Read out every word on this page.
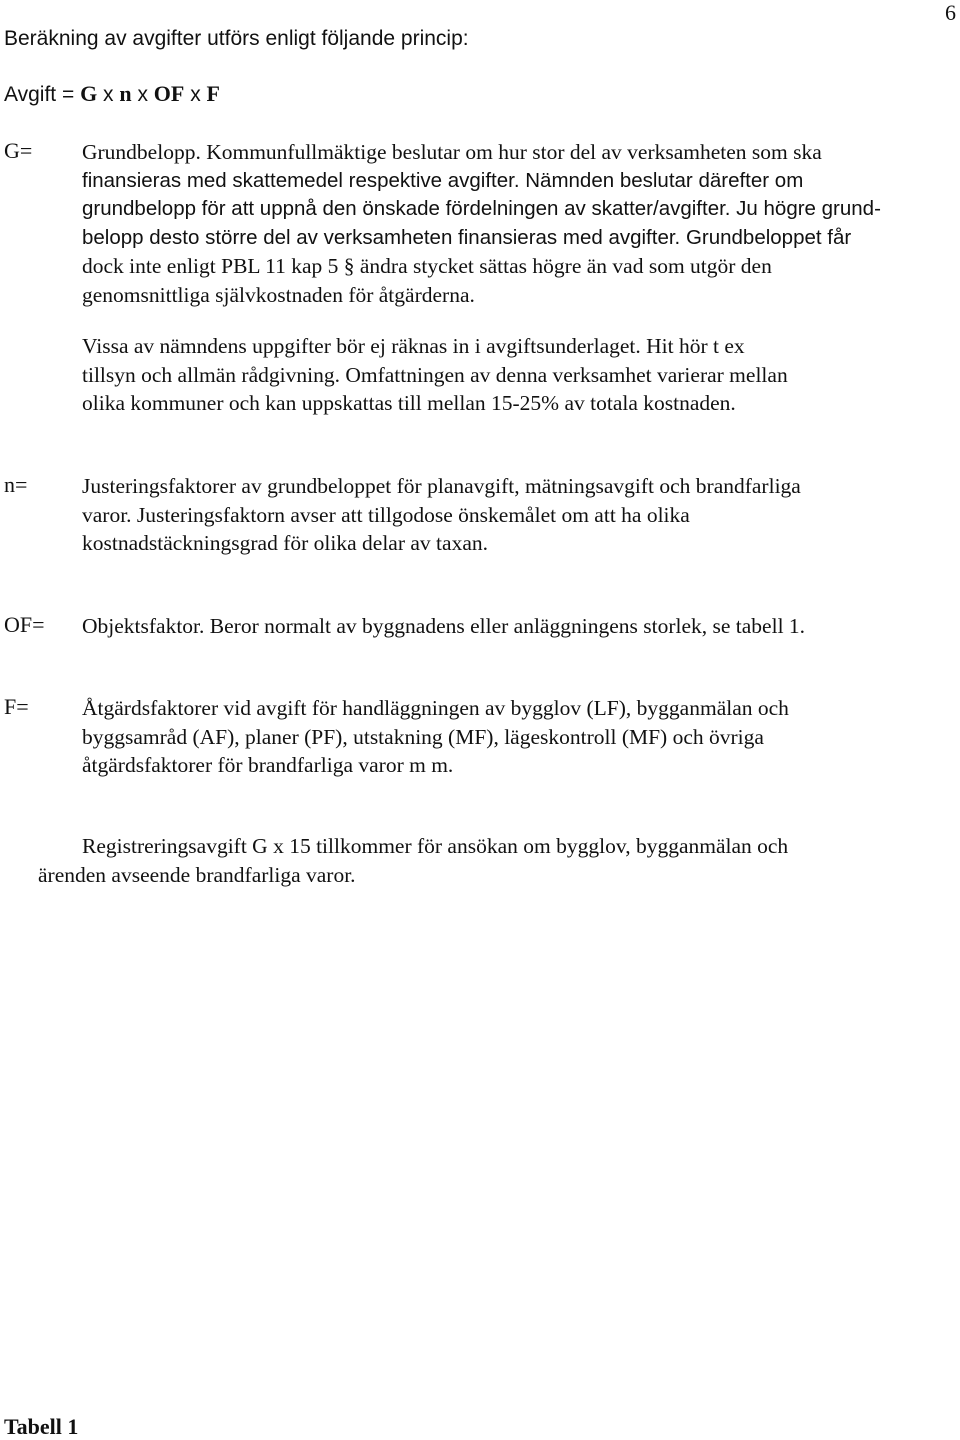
6

Beräkning av avgifter utförs enligt följande princip:

Avgift = G x n x OF x F

G= Grundbelopp. Kommunfullmäktige beslutar om hur stor del av verksamheten som ska
finansieras med skattemedel respektive avgifter. Nämnden beslutar därefter om
grundbelopp för att uppnå den önskade fördelningen av skatter/avgifter. Ju högre grund-
belopp desto större del av verksamheten finansieras med avgifter. Grundbeloppet får
dock inte enligt PBL 11 kap 5 § ändra stycket sättas högre än vad som utgör den
genomsnittliga självkostnaden för åtgärderna.
Vissa av nämndens uppgifter bör ej räknas in i avgiftsunderlaget. Hit hör t ex
tillsyn och allmän rådgivning. Omfattningen av denna verksamhet varierar mellan
olika kommuner och kan uppskattas till mellan 15-25% av totala kostnaden.

n=	Justeringsfaktorer av grundbeloppet för planavgift, mätningsavgift och brandfarliga
varor. Justeringsfaktorn avser att tillgodose önskemålet om att ha olika
kostnadstäckningsgrad för olika delar av taxan.

OF= Objektsfaktor. Beror normalt av byggnadens eller anläggningens storlek, se tabell 1.

F= Åtgärdsfaktorer vid avgift för handläggningen av bygglov (LF), bygganmälan och
byggsamråd (AF), planer (PF), utstakning (MF), lägeskontroll (MF) och övriga
åtgärdsfaktorer för brandfarliga varor m m.
Registreringsavgift G x 15 tillkommer för ansökan om bygglov, bygganmälan och
ärenden avseende brandfarliga varor.

Tabell 1
